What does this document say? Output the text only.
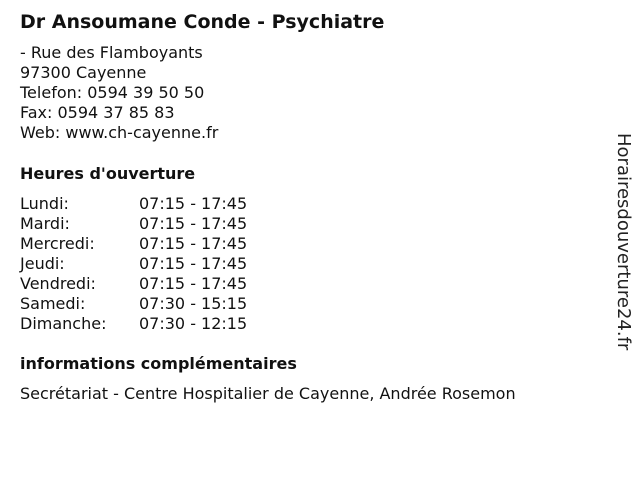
Dr Ansoumane Conde - Psychiatre
- Rue des Flamboyants
97300 Cayenne
Telefon: 0594 39 50 50
Fax: 0594 37 85 83
Web: www.ch-cayenne.fr
Heures d'ouverture
Lundi:	07:15 - 17:45
Mardi:	07:15 - 17:45
Mercredi:	07:15 - 17:45
Jeudi:	07:15 - 17:45
Vendredi:	07:15 - 17:45
Samedi:	07:30 - 15:15
Dimanche:	07:30 - 12:15
informations complémentaires
Secrétariat - Centre Hospitalier de Cayenne, Andrée Rosemon
Horairesdouverture24.fr
